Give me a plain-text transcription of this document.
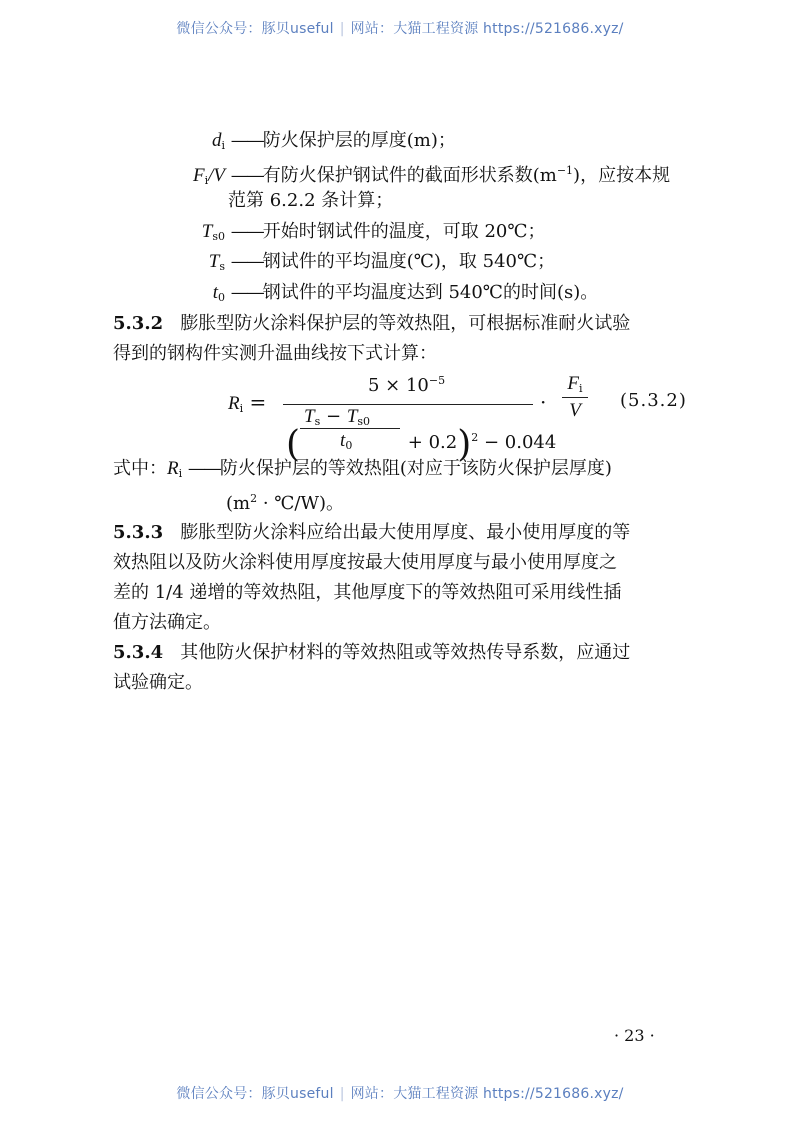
微信公众号：豚贝useful | 网站：大猫工程资源 https://521686.xyz/
$d_i$ ——防火保护层的厚度(m)；
$F_i/V$ ——有防火保护钢试件的截面形状系数$(m^{-1})$，应按本规
范第 6.2.2 条计算；
$T_{s0}$ ——开始时钢试件的温度，可取 20℃；
$T_s$ ——钢试件的平均温度(℃)，取 540℃；
$t_0$ ——钢试件的平均温度达到 540℃的时间(s)。
5.3.2 膨胀型防火涂料保护层的等效热阻，可根据标准耐火试验
得到的钢构件实测升温曲线按下式计算：
$R_i$ =
$5 \times 10^{-5}$
( $\frac{T_s - T_{s0}}{t_0} + 0.2)^2 - 0.044$
·
$F_i$
V	(5.3.2)
式中：$R_i$ ——防火保护层的等效热阻(对应于该防火保护层厚度)
($m^2$ · ℃/W)。
5.3.3 膨胀型防火涂料应给出最大使用厚度、最小使用厚度的等
效热阻以及防火涂料使用厚度按最大使用厚度与最小使用厚度之
差的 1/4 递增的等效热阻，其他厚度下的等效热阻可采用线性插
值方法确定。
5.3.4 其他防火保护材料的等效热阻或等效热传导系数，应通过
试验确定。
· 23 ·
微信公众号：豚贝useful | 网站：大猫工程资源 https://521686.xyz/
